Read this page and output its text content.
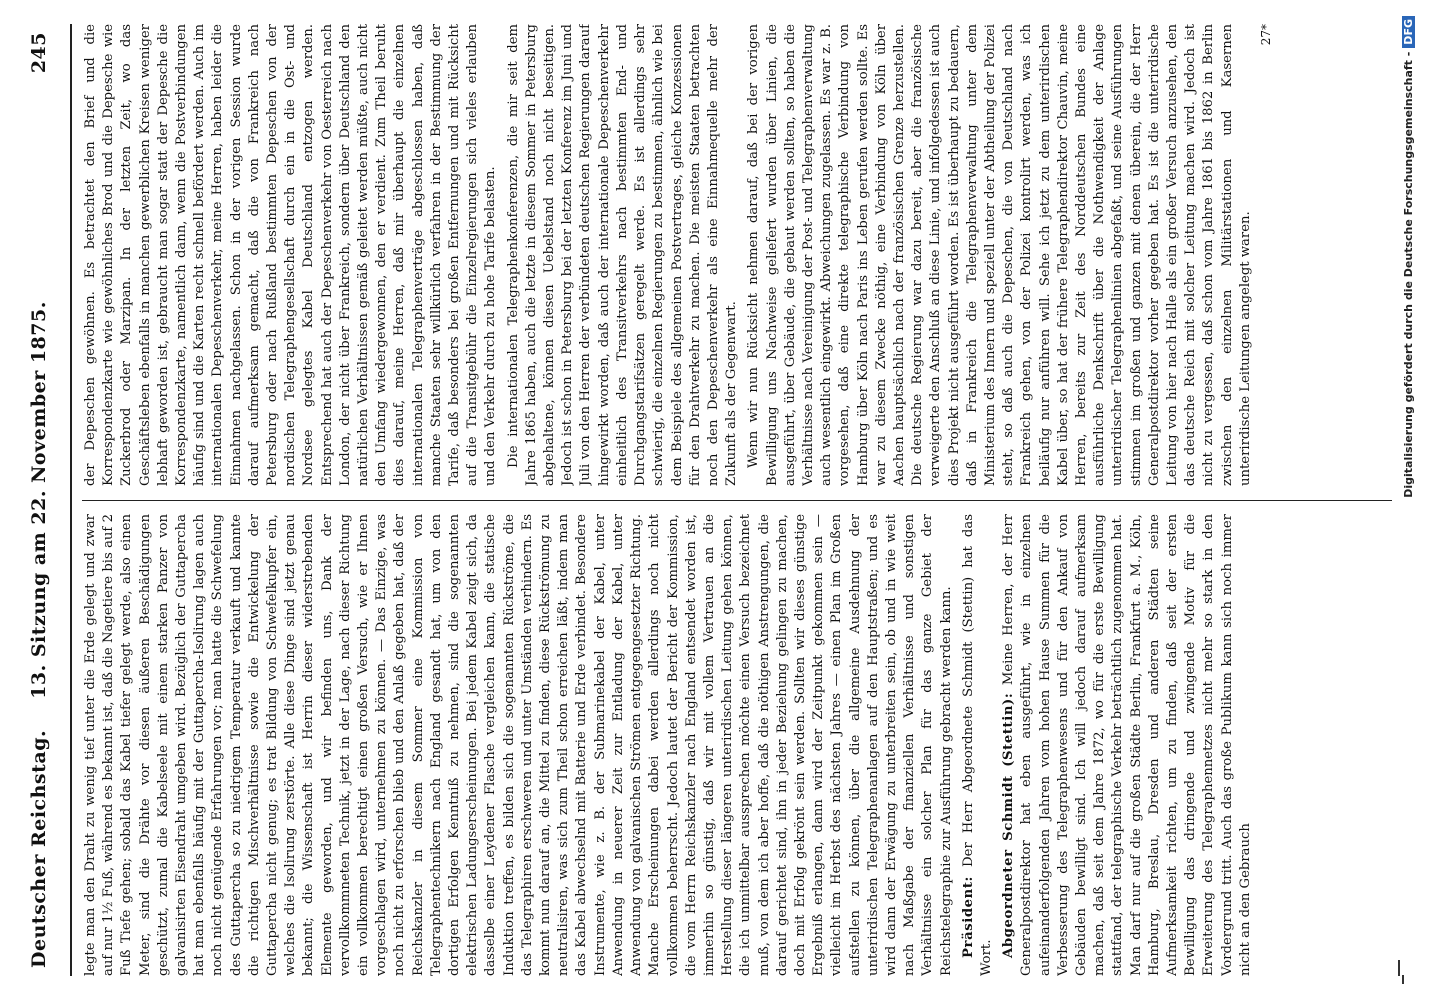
Deutscher Reichstag.
13. Sitzung am 22. November 1875.
245

legte man den Draht zu wenig tief unter die Erde gelegt und zwar auf nur 1½ Fuß, während es bekannt ist, daß die Nagetiere bis auf 2 Fuß Tiefe gehen; sobald das Kabel tiefer gelegt werde, also einen Meter, sind die Drähte vor diesen äußeren Beschädigungen geschützt, zumal die Kabelseele mit einem starken Panzer von galvanisirten Eisendraht umgeben wird. Bezüglich der Guttapercha hat man ebenfalls häufig mit der Guttapercha-Isolirung lagen auch noch nicht genügende Erfahrungen vor; man hatte die Schwefelung des Guttapercha so zu niedrigem Temperatur verkauft und kannte die richtigen Mischverhältnisse sowie die Entwickelung der Guttapercha nicht genug; es trat Bildung von Schwefelkupfer ein, welches die Isolirung zerstörte. Alle diese Dinge sind jetzt genau bekannt; die Wissenschaft ist Herrin dieser widerstrebenden Elemente geworden, und wir befinden uns, Dank der vervollkommneten Technik, jetzt in der Lage, nach dieser Richtung ein vollkommen berechtigt einen großen Versuch, wie er Ihnen vorgeschlagen wird, unternehmen zu können. — Das Einzige, was noch nicht zu erforschen blieb und den Anlaß gegeben hat, daß der Reichskanzler in diesem Sommer eine Kommission von Telegraphentechnikern nach England gesandt hat, um von den dortigen Erfolgen Kenntniß zu nehmen, sind die sogenannten elektrischen Ladungserscheinungen. Bei jedem Kabel zeigt sich, da dasselbe einer Leydener Flasche vergleichen kann, die statische Induktion treffen, es bilden sich die sogenannten Rückströme, die das Telegraphiren erschweren und unter Umständen verhindern. Es kommt nun darauf an, die Mittel zu finden, diese Rückströmung zu neutralisiren, was sich zum Theil schon erreichen läßt, indem man das Kabel abwechselnd mit Batterie und Erde verbindet. Besondere Instrumente, wie z. B. der Submarinekabel der Kabel, unter Anwendung in neuerer Zeit zur Entladung der Kabel, unter Anwendung von galvanischen Strömen entgegengesetzter Richtung. Manche Erscheinungen dabei werden allerdings noch nicht vollkommen beherrscht. Jedoch lautet der Bericht der Kommission, die vom Herrn Reichskanzler nach England entsendet worden ist, immerhin so günstig, daß wir mit vollem Vertrauen an die Herstellung dieser längeren unterirdischen Leitung gehen können, die ich unmittelbar aussprechen möchte einen Versuch bezeichnet muß, von dem ich aber hoffe, daß die nöthigen Anstrengungen, die darauf gerichtet sind, ihn in jeder Beziehung gelingen zu machen, doch mit Erfolg gekrönt sein werden. Sollten wir dieses günstige Ergebniß erlangen, dann wird der Zeitpunkt gekommen sein — vielleicht im Herbst des nächsten Jahres — einen Plan im Großen aufstellen zu können, über die allgemeine Ausdehnung der unterirdischen Telegraphenanlagen auf den Hauptstraßen; und es wird dann der Erwägung zu unterbreiten sein, ob und in wie weit nach Maßgabe der finanziellen Verhältnisse und sonstigen Verhältnisse ein solcher Plan für das ganze Gebiet der Reichstelegraphie zur Ausführung gebracht werden kann. Präsident: Der Herr Abgeordnete Schmidt (Stettin) hat das Wort. Abgeordneter Schmidt (Stettin): Meine Herren, der Herr Generalpostdirektor hat eben ausgeführt, wie in einzelnen aufeinanderfolgenden Jahren vom hohen Hause Summen für die Verbesserung des Telegraphenwesens und für den Ankauf von Gebäuden bewilligt sind. Ich will jedoch darauf aufmerksam machen, daß seit dem Jahre 1872, wo für die erste Bewilligung stattfand, der telegraphische Verkehr beträchtlich zugenommen hat. Man darf nur auf die großen Städte Berlin, Frankfurt a. M., Köln, Hamburg, Breslau, Dresden und anderen Städten seine Aufmerksamkeit richten, um zu finden, daß seit der ersten Bewilligung das dringende und zwingende Motiv für die Erweiterung des Telegraphennetzes nicht mehr so stark in den Vordergrund tritt. Auch das große Publikum kann sich noch immer nicht an den Gebrauch

der Depeschen gewöhnen. Es betrachtet den Brief und die Korrespondenzkarte wie gewöhnliches Brod und die Depesche wie Zuckerbrod oder Marzipan. In der letzten Zeit, wo das Geschäftsleben ebenfalls in manchen gewerblichen Kreisen weniger lebhaft geworden ist, gebraucht man sogar statt der Depesche die Korrespondenzkarte, namentlich dann, wenn die Postverbindungen häufig sind und die Karten recht schnell befördert werden. Auch im internationalen Depeschenverkehr, meine Herren, haben leider die Einnahmen nachgelassen. Schon in der vorigen Session wurde darauf aufmerksam gemacht, daß die von Frankreich nach Petersburg oder nach Rußland bestimmten Depeschen von der nordischen Telegraphengesellschaft durch ein in die Ost- und Nordsee gelegtes Kabel Deutschland entzogen werden. Entsprechend hat auch der Depeschenverkehr von Oesterreich nach London, der nicht über Frankreich, sondern über Deutschland den natürlichen Verhältnissen gemäß geleitet werden müßte, auch nicht den Umfang wiedergewonnen, den er verdient. Zum Theil beruht dies darauf, meine Herren, daß mir überhaupt die einzelnen internationalen Telegraphenverträge abgeschlossen haben, daß manche Staaten sehr willkürlich verfahren in der Bestimmung der Tarife, daß besonders bei großen Entfernungen und mit Rücksicht auf die Transitgebühr die Einzelregierungen sich vieles erlauben und den Verkehr durch zu hohe Tarife belasten. Die internationalen Telegraphenkonferenzen, die mir seit dem Jahre 1865 haben, auch die letzte in diesem Sommer in Petersburg abgehaltene, können diesen Uebelstand noch nicht beseitigen. Jedoch ist schon in Petersburg bei der letzten Konferenz im Juni und Juli von den Herren der verbündeten deutschen Regierungen darauf hingewirkt worden, daß auch der internationale Depeschenverkehr einheitlich des Transitverkehrs nach bestimmten End- und Durchgangstarifsätzen geregelt werde. Es ist allerdings sehr schwierig, die einzelnen Regierungen zu bestimmen, ähnlich wie bei dem Beispiele des allgemeinen Postvertrages, gleiche Konzessionen für den Drahtverkehr zu machen. Die meisten Staaten betrachten noch den Depeschenverkehr als eine Einnahmequelle mehr der Zukunft als der Gegenwart. Wenn wir nun Rücksicht nehmen darauf, daß bei der vorigen Bewilligung uns Nachweise geliefert wurden über Linien, die ausgeführt, über Gebäude, die gebaut werden sollten, so haben die Verhältnisse nach Vereinigung der Post- und Telegraphenverwaltung auch wesentlich eingewirkt. Abweichungen zugelassen. Es war z. B. vorgesehen, daß eine direkte telegraphische Verbindung von Hamburg über Köln nach Paris ins Leben gerufen werden sollte. Es war zu diesem Zwecke nöthig, eine Verbindung von Köln über Aachen hauptsächlich nach der französischen Grenze herzustellen. Die deutsche Regierung war dazu bereit, aber die französische verweigerte den Anschluß an diese Linie, und infolgedessen ist auch dies Projekt nicht ausgeführt worden. Es ist überhaupt zu bedauern, daß in Frankreich die Telegraphenverwaltung unter dem Ministerium des Innern und speziell unter der Abtheilung der Polizei steht, so daß auch die Depeschen, die von Deutschland nach Frankreich gehen, von der Polizei kontrolirt werden, was ich beiläufig nur anführen will. Sehe ich jetzt zu dem unterirdischen Kabel über, so hat der frühere Telegraphendirektor Chauvin, meine Herren, bereits zur Zeit des Norddeutschen Bundes eine ausführliche Denkschrift über die Nothwendigkeit der Anlage unterirdischer Telegraphenlinien abgefaßt, und seine Ausführungen stimmen im großen und ganzen mit denen überein, die der Herr Generalpostdirektor vorher gegeben hat. Es ist die unterirdische Leitung von hier nach Halle als ein großer Versuch anzusehen, den das deutsche Reich mit solcher Leitung machen wird. Jedoch ist nicht zu vergessen, daß schon vom Jahre 1861 bis 1862 in Berlin zwischen den einzelnen Militärstationen und Kasernen unterirdische Leitungen angelegt waren.

27*
Digitalisierung gefördert durch die Deutsche Forschungsgemeinschaft -DFG
